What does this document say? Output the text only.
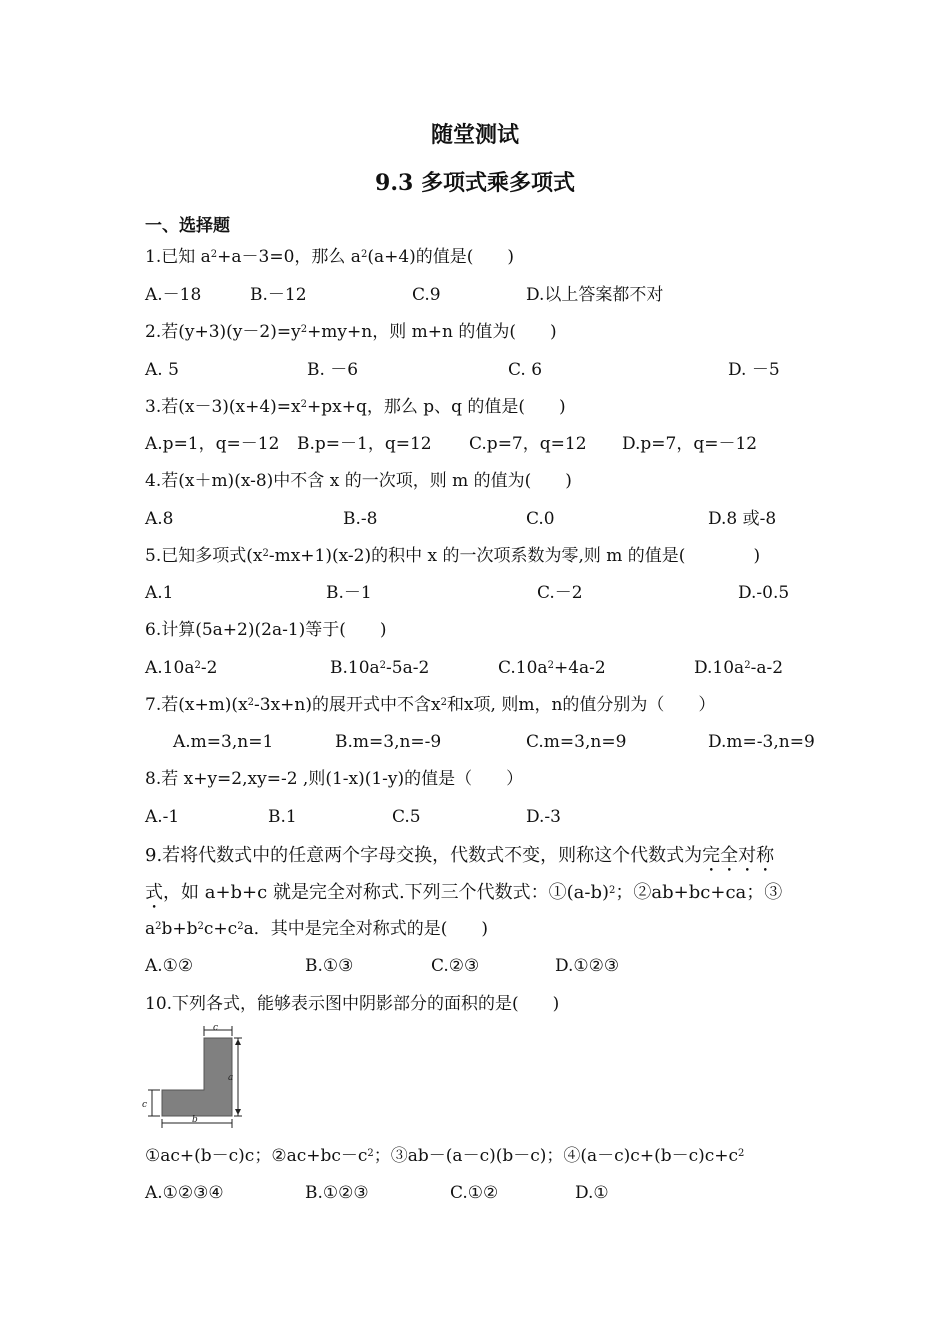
随堂测试
9.3 多项式乘多项式
一、选择题
1.已知 $a^2+a-3=0$，那么 $a^2(a+4)$的值是(　　)
A.－18	B.－12	C.9	D.以上答案都不对
2.若$(y+3)(y-2)=y^2+my+n$，则 m+n 的值为(　　)
A. 5	B. －6	C. 6	D. －5
3.若$(x-3)(x+4)=x^2+px+q$，那么 p、q 的值是(　　)
A.p=1，q=－12 B.p=－1，q=12 C.p=7，q=12 D.p=7，q=－12
4.若(x＋m)(x-8)中不含 x 的一次项，则 m 的值为(　　)
A.8	B.-8	C.0	D.8 或-8
5.已知多项式$(x^2-mx+1)(x-2)$的积中 x 的一次项系数为零,则 m 的值是(　　　　)
A.1	B.－1	C.－2	D.-0.5
6.计算(5a+2)(2a-1)等于(　　)
$A.10a^2-2$	$B.10a^2-5a-2$	$C.10a^2+4a-2$	$D.10a^2-a-2$
7.若$(x+m)(x^2-3x+n)$的展开式中不含$x^2$和x项, 则m，n的值分别为（　　）
A.m=3,n=1	B.m=3,n=-9	C.m=3,n=9	D.m=-3,n=9
8.若 x+y=2,xy=-2 ,则(1-x)(1-y)的值是（　　）
A.-1	B.1	C.5	D.-3
9.若将代数式中的任意两个字母交换，代数式不变，则称这个代数式为完全对称
式，如 a+b+c 就是完全对称式.下列三个代数式：$①(a-b)^2$；②ab+bc+ca；③
$a^2b+b^2c+c^2a$．其中是完全对称式的是(　　)
A.①②	B.①③	C.②③	D.①②③
10.下列各式，能够表示图中阴影部分的面积的是(　　)
c
a
c
b
①ac+(b－c)c；$②ac+bc-c^2$；③ab－(a－c)(b－c)；$④(a-c)c+(b-c)c+c^2$
A.①②③④	B.①②③	C.①②	D.①
